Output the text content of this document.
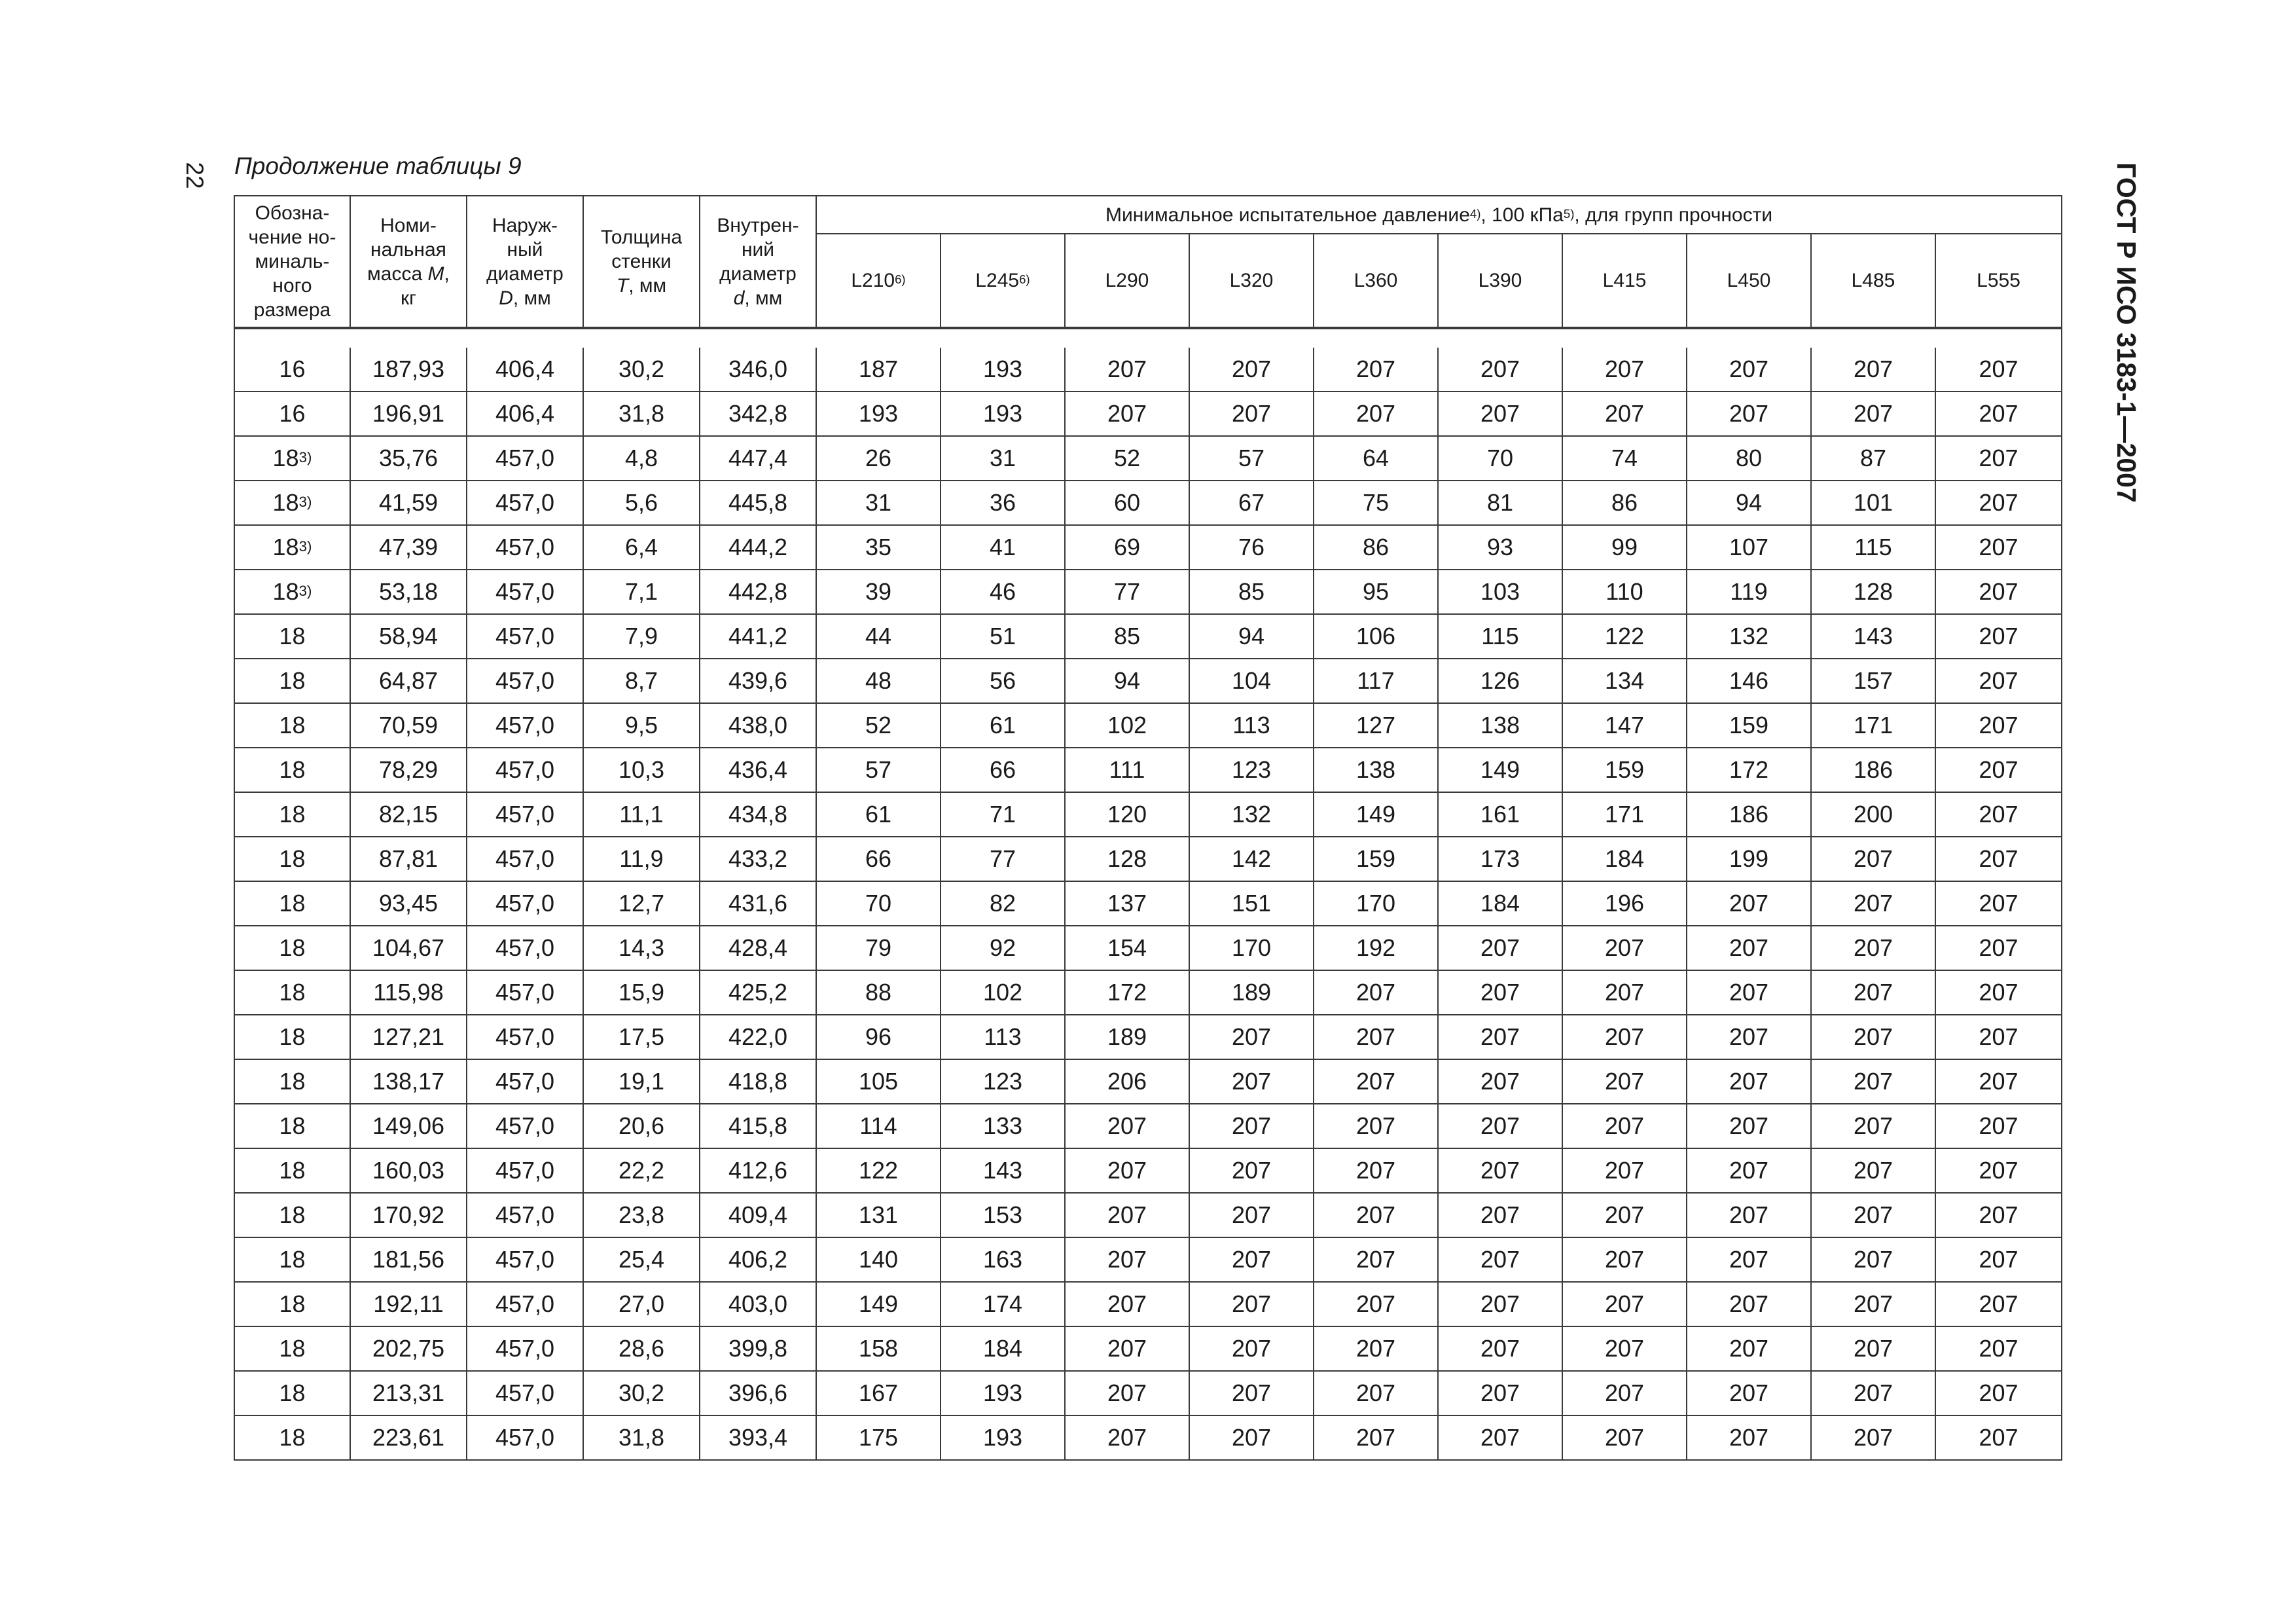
22 Продолжение таблицы 9	ГОСТ Р ИСО 3183-1—2007
Обозна-
чение но-
миналь-
ного
размера	Номи-
нальная
масса M,
кг	Наруж-
ный
диаметр
D, мм	Толщина
стенки
T, мм	Внутрен-
ний
диаметр
d, мм	Минимальное испытательное давление$^{4)}$, 100 кПа$^{5)}$, для групп прочности									
					L210$^{6)}$	L245$^{6)}$	L290	L320	L360	L390	L415	L450	L485	L555

16	187,93	406,4	30,2	346,0	187	193	207	207	207	207	207	207	207	207
16	196,91	406,4	31,8	342,8	193	193	207	207	207	207	207	207	207	207
18$^{3)}$	35,76	457,0	4,8	447,4	26	31	52	57	64	70	74	80	87	207
18$^{3)}$	41,59	457,0	5,6	445,8	31	36	60	67	75	81	86	94	101	207
18$^{3)}$	47,39	457,0	6,4	444,2	35	41	69	76	86	93	99	107	115	207
18$^{3)}$	53,18	457,0	7,1	442,8	39	46	77	85	95	103	110	119	128	207
18	58,94	457,0	7,9	441,2	44	51	85	94	106	115	122	132	143	207
18	64,87	457,0	8,7	439,6	48	56	94	104	117	126	134	146	157	207
18	70,59	457,0	9,5	438,0	52	61	102	113	127	138	147	159	171	207
18	78,29	457,0	10,3	436,4	57	66	111	123	138	149	159	172	186	207
18	82,15	457,0	11,1	434,8	61	71	120	132	149	161	171	186	200	207
18	87,81	457,0	11,9	433,2	66	77	128	142	159	173	184	199	207	207
18	93,45	457,0	12,7	431,6	70	82	137	151	170	184	196	207	207	207
18	104,67	457,0	14,3	428,4	79	92	154	170	192	207	207	207	207	207
18	115,98	457,0	15,9	425,2	88	102	172	189	207	207	207	207	207	207
18	127,21	457,0	17,5	422,0	96	113	189	207	207	207	207	207	207	207
18	138,17	457,0	19,1	418,8	105	123	206	207	207	207	207	207	207	207
18	149,06	457,0	20,6	415,8	114	133	207	207	207	207	207	207	207	207
18	160,03	457,0	22,2	412,6	122	143	207	207	207	207	207	207	207	207
18	170,92	457,0	23,8	409,4	131	153	207	207	207	207	207	207	207	207
18	181,56	457,0	25,4	406,2	140	163	207	207	207	207	207	207	207	207
18	192,11	457,0	27,0	403,0	149	174	207	207	207	207	207	207	207	207
18	202,75	457,0	28,6	399,8	158	184	207	207	207	207	207	207	207	207
18	213,31	457,0	30,2	396,6	167	193	207	207	207	207	207	207	207	207
18	223,61	457,0	31,8	393,4	175	193	207	207	207	207	207	207	207	207
